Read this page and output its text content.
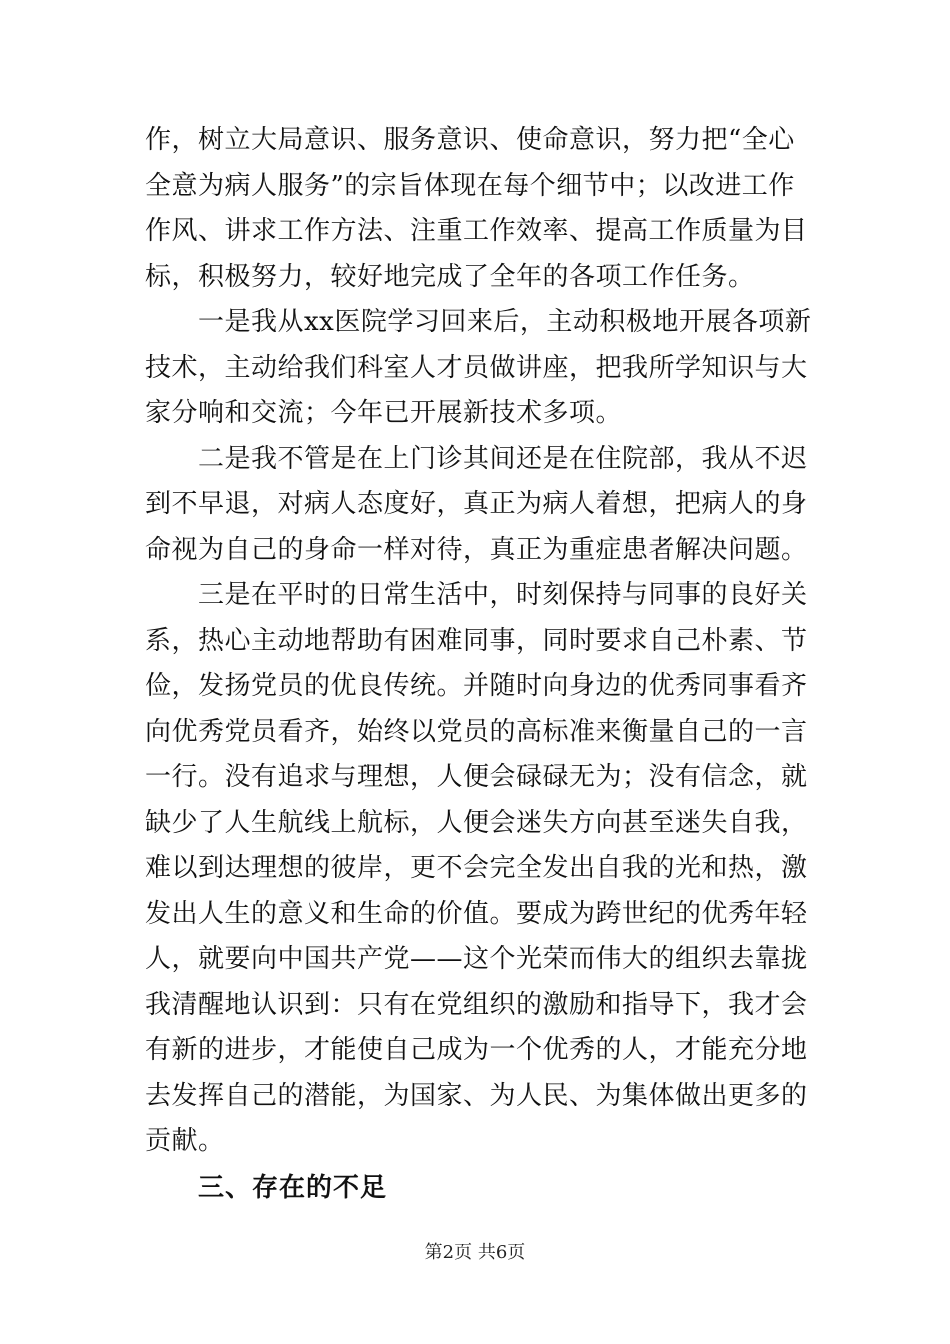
作，树立大局意识、服务意识、使命意识，努力把“全心
全意为病人服务”的宗旨体现在每个细节中；以改进工作
作风、讲求工作方法、注重工作效率、提高工作质量为目
标，积极努力，较好地完成了全年的各项工作任务。

一是我从xx医院学习回来后，主动积极地开展各项新
技术，主动给我们科室人才员做讲座，把我所学知识与大
家分响和交流；今年已开展新技术多项。

二是我不管是在上门诊其间还是在住院部，我从不迟
到不早退，对病人态度好，真正为病人着想，把病人的身
命视为自己的身命一样对待，真正为重症患者解决问题。

三是在平时的日常生活中，时刻保持与同事的良好关
系，热心主动地帮助有困难同事，同时要求自己朴素、节
俭，发扬党员的优良传统。并随时向身边的优秀同事看齐
向优秀党员看齐，始终以党员的高标准来衡量自己的一言
一行。没有追求与理想，人便会碌碌无为；没有信念，就
缺少了人生航线上航标，人便会迷失方向甚至迷失自我，
难以到达理想的彼岸，更不会完全发出自我的光和热，激
发出人生的意义和生命的价值。要成为跨世纪的优秀年轻
人，就要向中国共产党——这个光荣而伟大的组织去靠拢
我清醒地认识到：只有在党组织的激励和指导下，我才会
有新的进步，才能使自己成为一个优秀的人，才能充分地
去发挥自己的潜能，为国家、为人民、为集体做出更多的
贡献。

三、存在的不足
第2页 共6页
